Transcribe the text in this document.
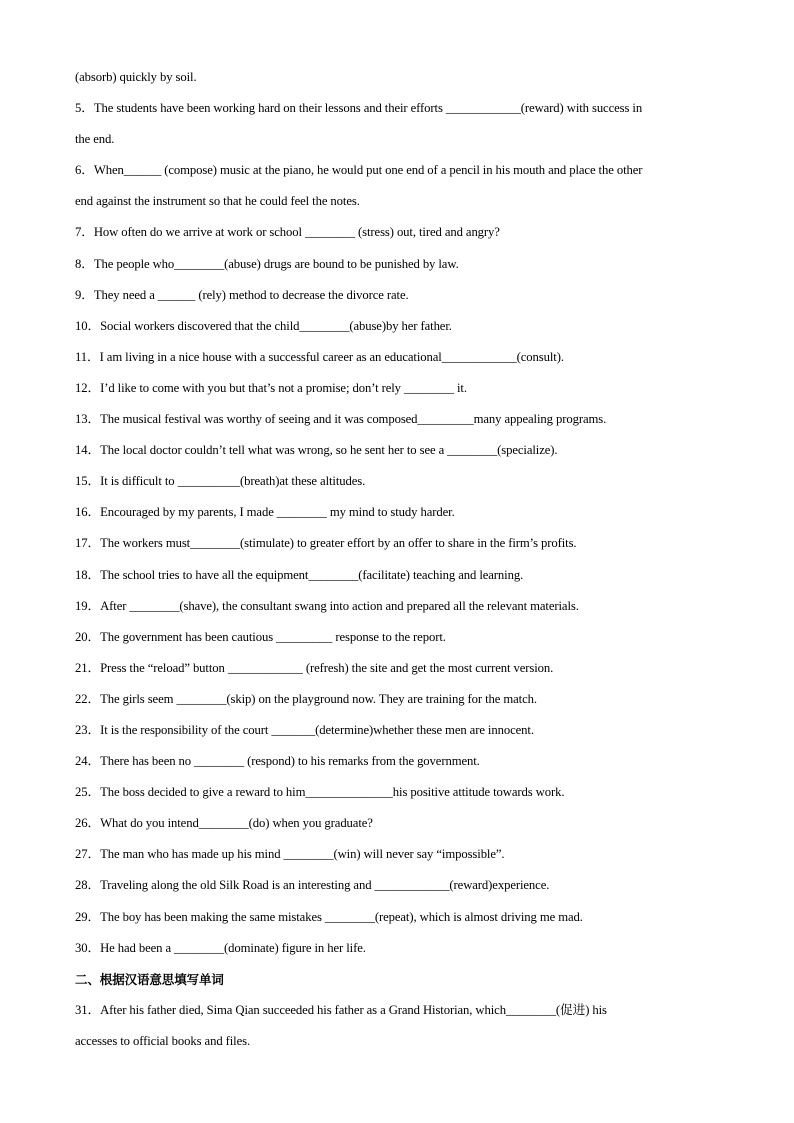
(absorb) quickly by soil.
5．The students have been working hard on their lessons and their efforts ____________(reward) with success in
the end.
6．When______ (compose) music at the piano, he would put one end of a pencil in his mouth and place the other
end against the instrument so that he could feel the notes.
7．How often do we arrive at work or school ________ (stress) out, tired and angry?
8．The people who________(abuse) drugs are bound to be punished by law.
9．They need a ______ (rely) method to decrease the divorce rate.
10．Social workers discovered that the child________(abuse)by her father.
11．I am living in a nice house with a successful career as an educational____________(consult).
12．I’d like to come with you but that’s not a promise; don’t rely ________ it.
13．The musical festival was worthy of seeing and it was composed_________many appealing programs.
14．The local doctor couldn’t tell what was wrong, so he sent her to see a ________(specialize).
15．It is difficult to __________(breath)at these altitudes.
16．Encouraged by my parents, I made ________ my mind to study harder.
17．The workers must________(stimulate) to greater effort by an offer to share in the firm’s profits.
18．The school tries to have all the equipment________(facilitate) teaching and learning.
19．After ________(shave), the consultant swang into action and prepared all the relevant materials.
20．The government has been cautious _________ response to the report.
21．Press the “reload” button ____________ (refresh) the site and get the most current version.
22．The girls seem ________(skip) on the playground now. They are training for the match.
23．It is the responsibility of the court _______(determine)whether these men are innocent.
24．There has been no ________ (respond) to his remarks from the government.
25．The boss decided to give a reward to him______________his positive attitude towards work.
26．What do you intend________(do) when you graduate?
27．The man who has made up his mind ________(win) will never say “impossible”.
28．Traveling along the old Silk Road is an interesting and ____________(reward)experience.
29．The boy has been making the same mistakes ________(repeat), which is almost driving me mad.
30．He had been a ________(dominate) figure in her life.
二、根据汉语意思填写单词
31．After his father died, Sima Qian succeeded his father as a Grand Historian, which________(促进) his
accesses to official books and files.
